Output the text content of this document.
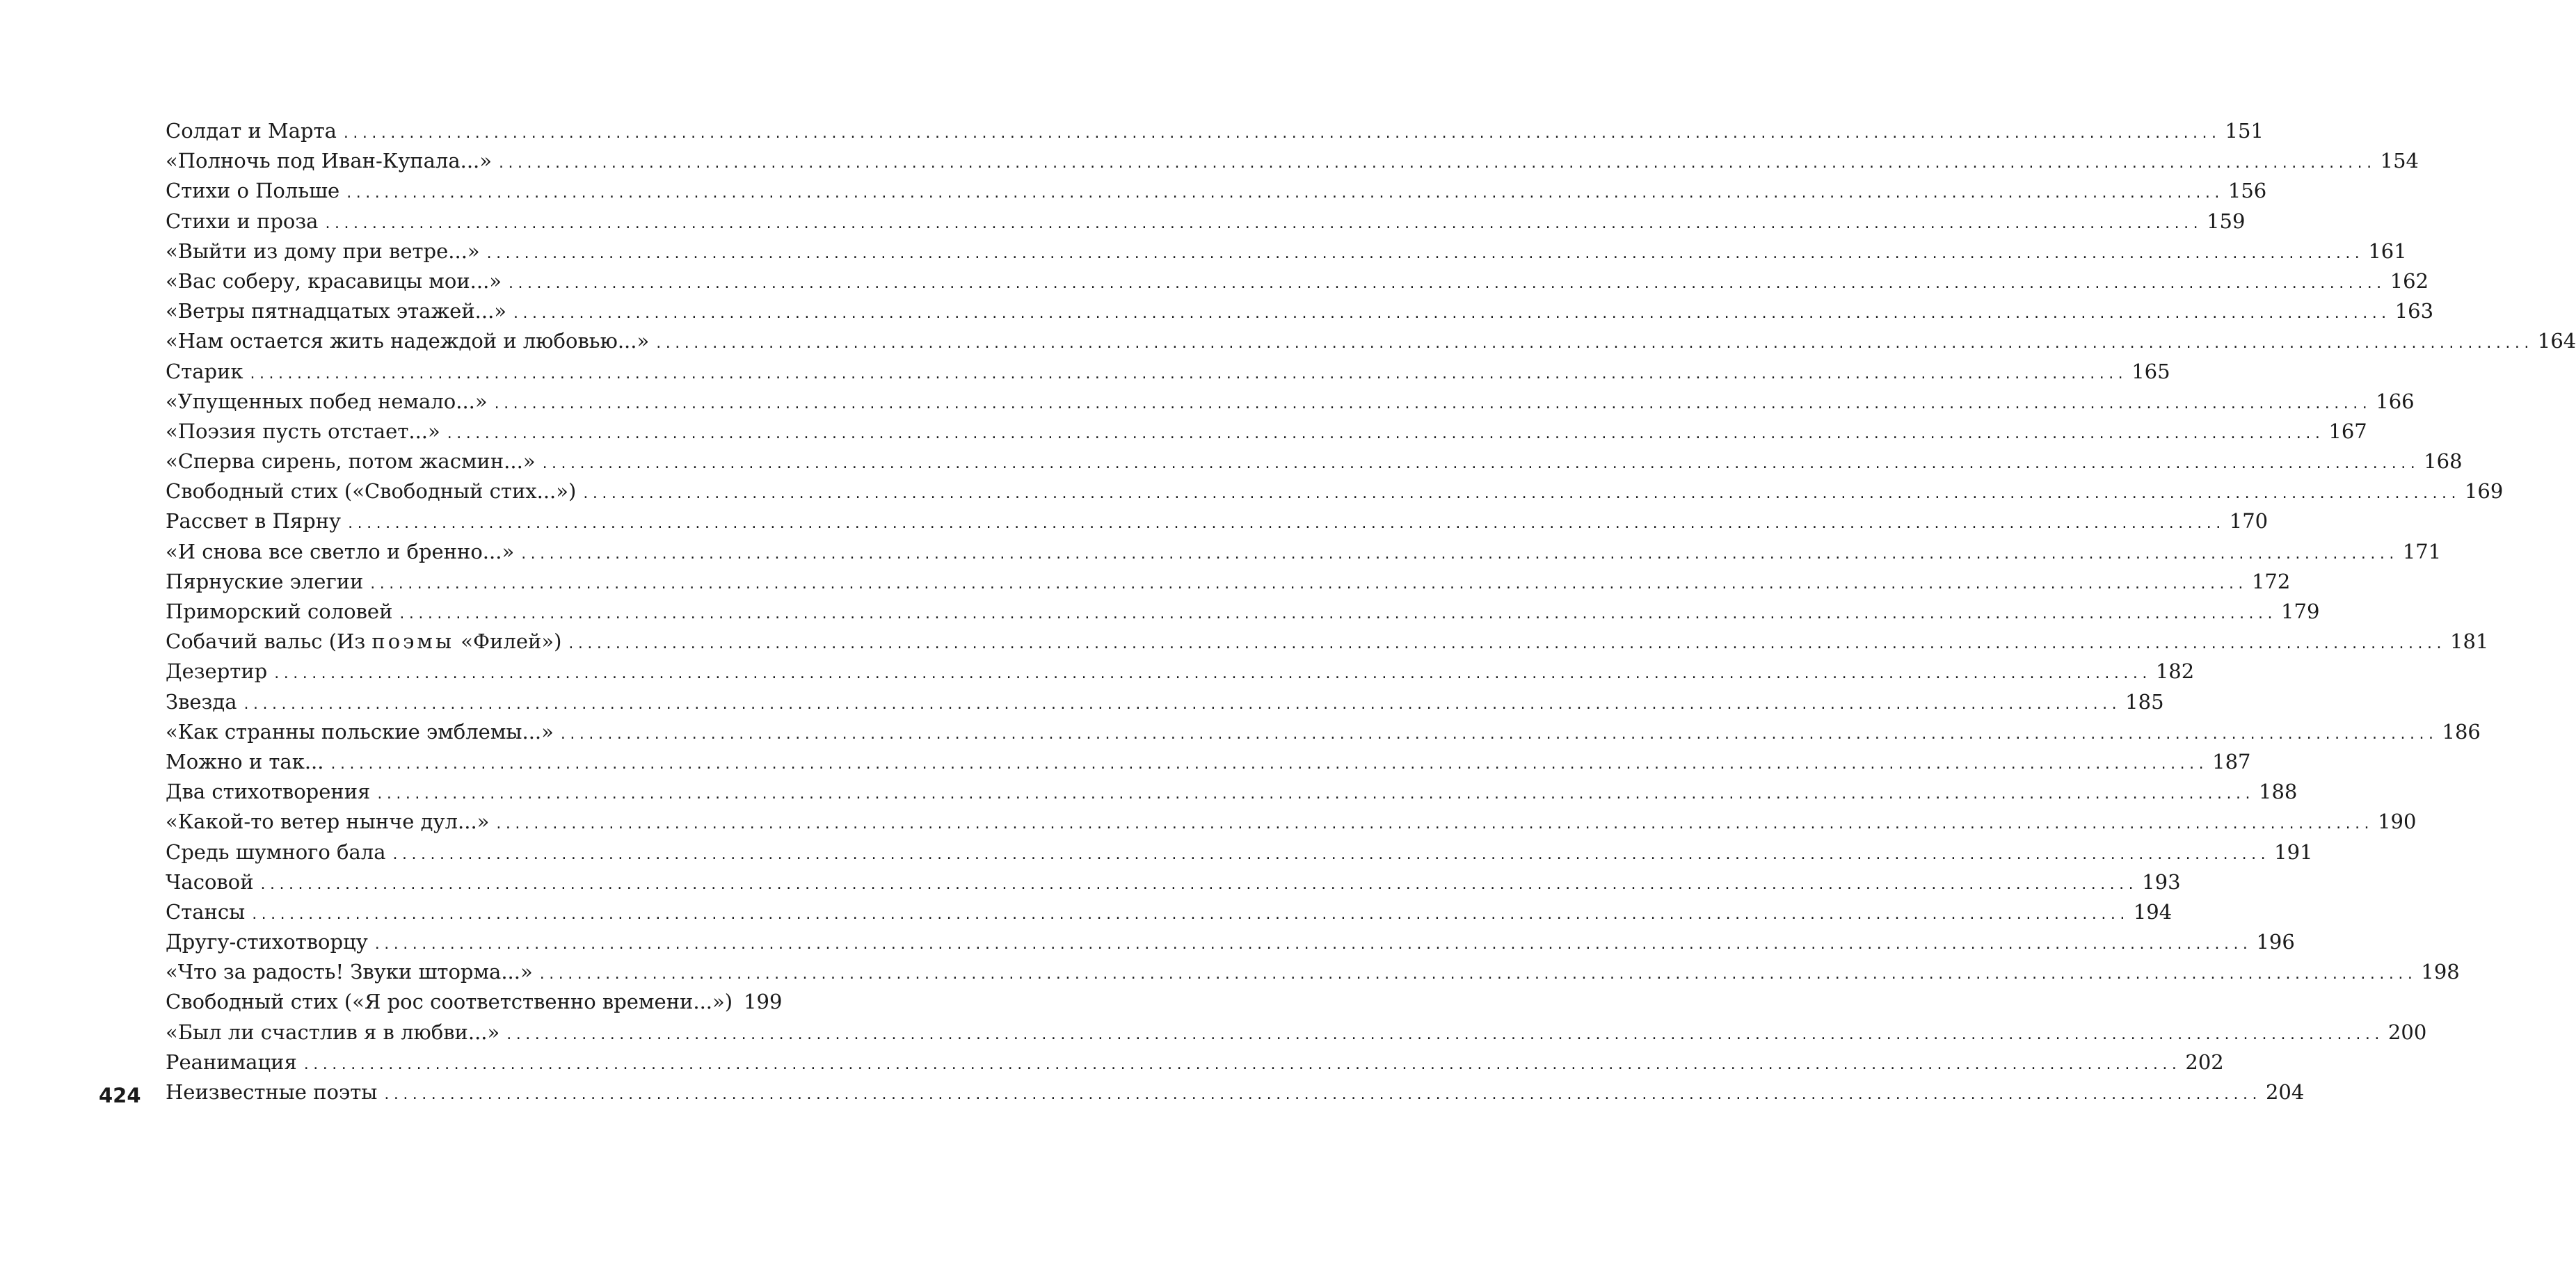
Солдат и Марта ........................................................................................................................................................................................................ 151
«Полночь под Иван-Купала...» ........................................................................................................................................................................................................ 154
Стихи о Польше ........................................................................................................................................................................................................ 156
Стихи и проза ........................................................................................................................................................................................................ 159
«Выйти из дому при ветре...» ........................................................................................................................................................................................................ 161
«Вас соберу, красавицы мои...» ........................................................................................................................................................................................................ 162
«Ветры пятнадцатых этажей...» ........................................................................................................................................................................................................ 163
«Нам остается жить надеждой и любовью...» ........................................................................................................................................................................................................ 164
Старик ........................................................................................................................................................................................................ 165
«Упущенных побед немало...» ........................................................................................................................................................................................................ 166
«Поэзия пусть отстает...» ........................................................................................................................................................................................................ 167
«Сперва сирень, потом жасмин...» ........................................................................................................................................................................................................ 168
Свободный стих («Свободный стих...») ........................................................................................................................................................................................................ 169
Рассвет в Пярну ........................................................................................................................................................................................................ 170
«И снова все светло и бренно...» ........................................................................................................................................................................................................ 171
Пярнуские элегии ........................................................................................................................................................................................................ 172
Приморский соловей ........................................................................................................................................................................................................ 179
Собачий вальс (Из поэмы «Филей») ........................................................................................................................................................................................................ 181
Дезертир ........................................................................................................................................................................................................ 182
Звезда ........................................................................................................................................................................................................ 185
«Как странны польские эмблемы...» ........................................................................................................................................................................................................ 186
Можно и так... ........................................................................................................................................................................................................ 187
Два стихотворения ........................................................................................................................................................................................................ 188
«Какой-то ветер нынче дул...» ........................................................................................................................................................................................................ 190
Средь шумного бала ........................................................................................................................................................................................................ 191
Часовой ........................................................................................................................................................................................................ 193
Стансы ........................................................................................................................................................................................................ 194
Другу-стихотворцу ........................................................................................................................................................................................................ 196
«Что за радость! Звуки шторма...» ........................................................................................................................................................................................................ 198
Свободный стих («Я рос соответственно времени...») 199
«Был ли счастлив я в любви...» ........................................................................................................................................................................................................ 200
Реанимация ........................................................................................................................................................................................................ 202
Неизвестные поэты ........................................................................................................................................................................................................ 204
424
